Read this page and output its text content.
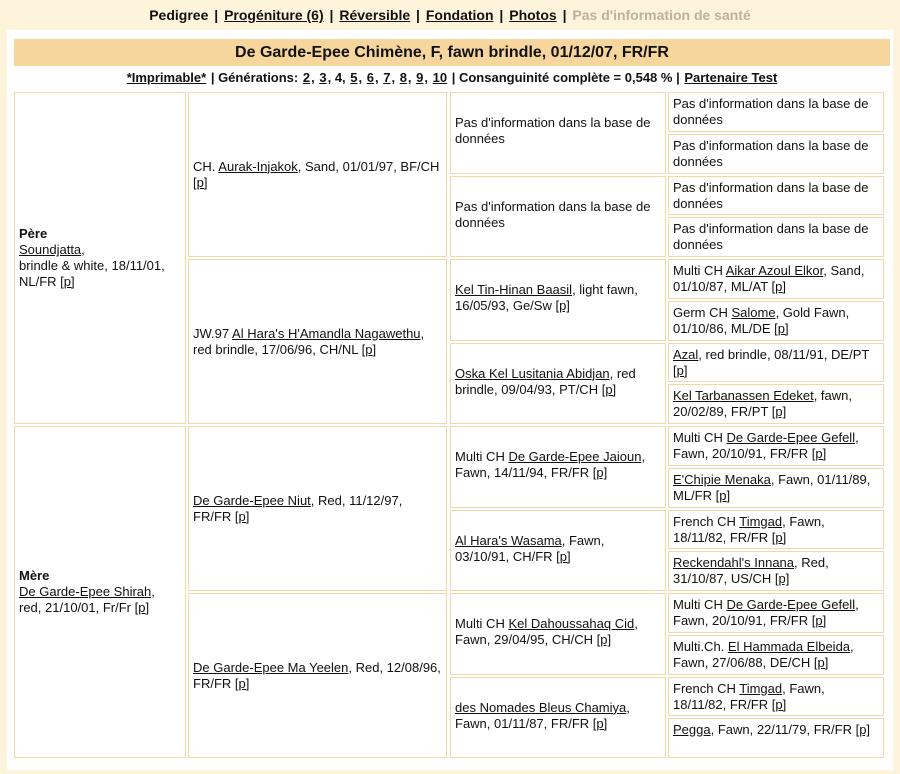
Pedigree | Progéniture (6) | Réversible | Fondation | Photos | Pas d'information de santé
De Garde-Epee Chimène, F, fawn brindle, 01/12/07, FR/FR
*Imprimable* | Générations: 2, 3, 4, 5, 6, 7, 8, 9, 10 | Consanguinité complète = 0,548 % | Partenaire Test
Père
Soundjatta,
brindle & white, 18/11/01, NL/FR [p]
Mère
De Garde-Epee Shirah,
red, 21/10/01, Fr/Fr [p]
CH. Aurak-Injakok, Sand, 01/01/97, BF/CH [p]
JW.97 Al Hara's H'Amandla Nagawethu, red brindle, 17/06/96, CH/NL [p]
De Garde-Epee Niut, Red, 11/12/97, FR/FR [p]
De Garde-Epee Ma Yeelen, Red, 12/08/96, FR/FR [p]
Pas d'information dans la base de données
Pas d'information dans la base de données
Kel Tin-Hinan Baasil, light fawn, 16/05/93, Ge/Sw [p]
Oska Kel Lusitania Abidjan, red brindle, 09/04/93, PT/CH [p]
Multi CH De Garde-Epee Jaioun, Fawn, 14/11/94, FR/FR [p]
Al Hara's Wasama, Fawn, 03/10/91, CH/FR [p]
Multi CH Kel Dahoussahaq Cid, Fawn, 29/04/95, CH/CH [p]
des Nomades Bleus Chamiya, Fawn, 01/11/87, FR/FR [p]
Pas d'information dans la base de données
Pas d'information dans la base de données
Pas d'information dans la base de données
Pas d'information dans la base de données
Multi CH Aikar Azoul Elkor, Sand, 01/10/87, ML/AT [p]
Germ CH Salome, Gold Fawn, 01/10/86, ML/DE [p]
Azal, red brindle, 08/11/91, DE/PT [p]
Kel Tarbanassen Edeket, fawn, 20/02/89, FR/PT [p]
Multi CH De Garde-Epee Gefell, Fawn, 20/10/91, FR/FR [p]
E'Chipie Menaka, Fawn, 01/11/89, ML/FR [p]
French CH Timgad, Fawn, 18/11/82, FR/FR [p]
Reckendahl's Innana, Red, 31/10/87, US/CH [p]
Multi CH De Garde-Epee Gefell, Fawn, 20/10/91, FR/FR [p]
Multi.Ch. El Hammada Elbeida, Fawn, 27/06/88, DE/CH [p]
French CH Timgad, Fawn, 18/11/82, FR/FR [p]
Pegga, Fawn, 22/11/79, FR/FR [p]
